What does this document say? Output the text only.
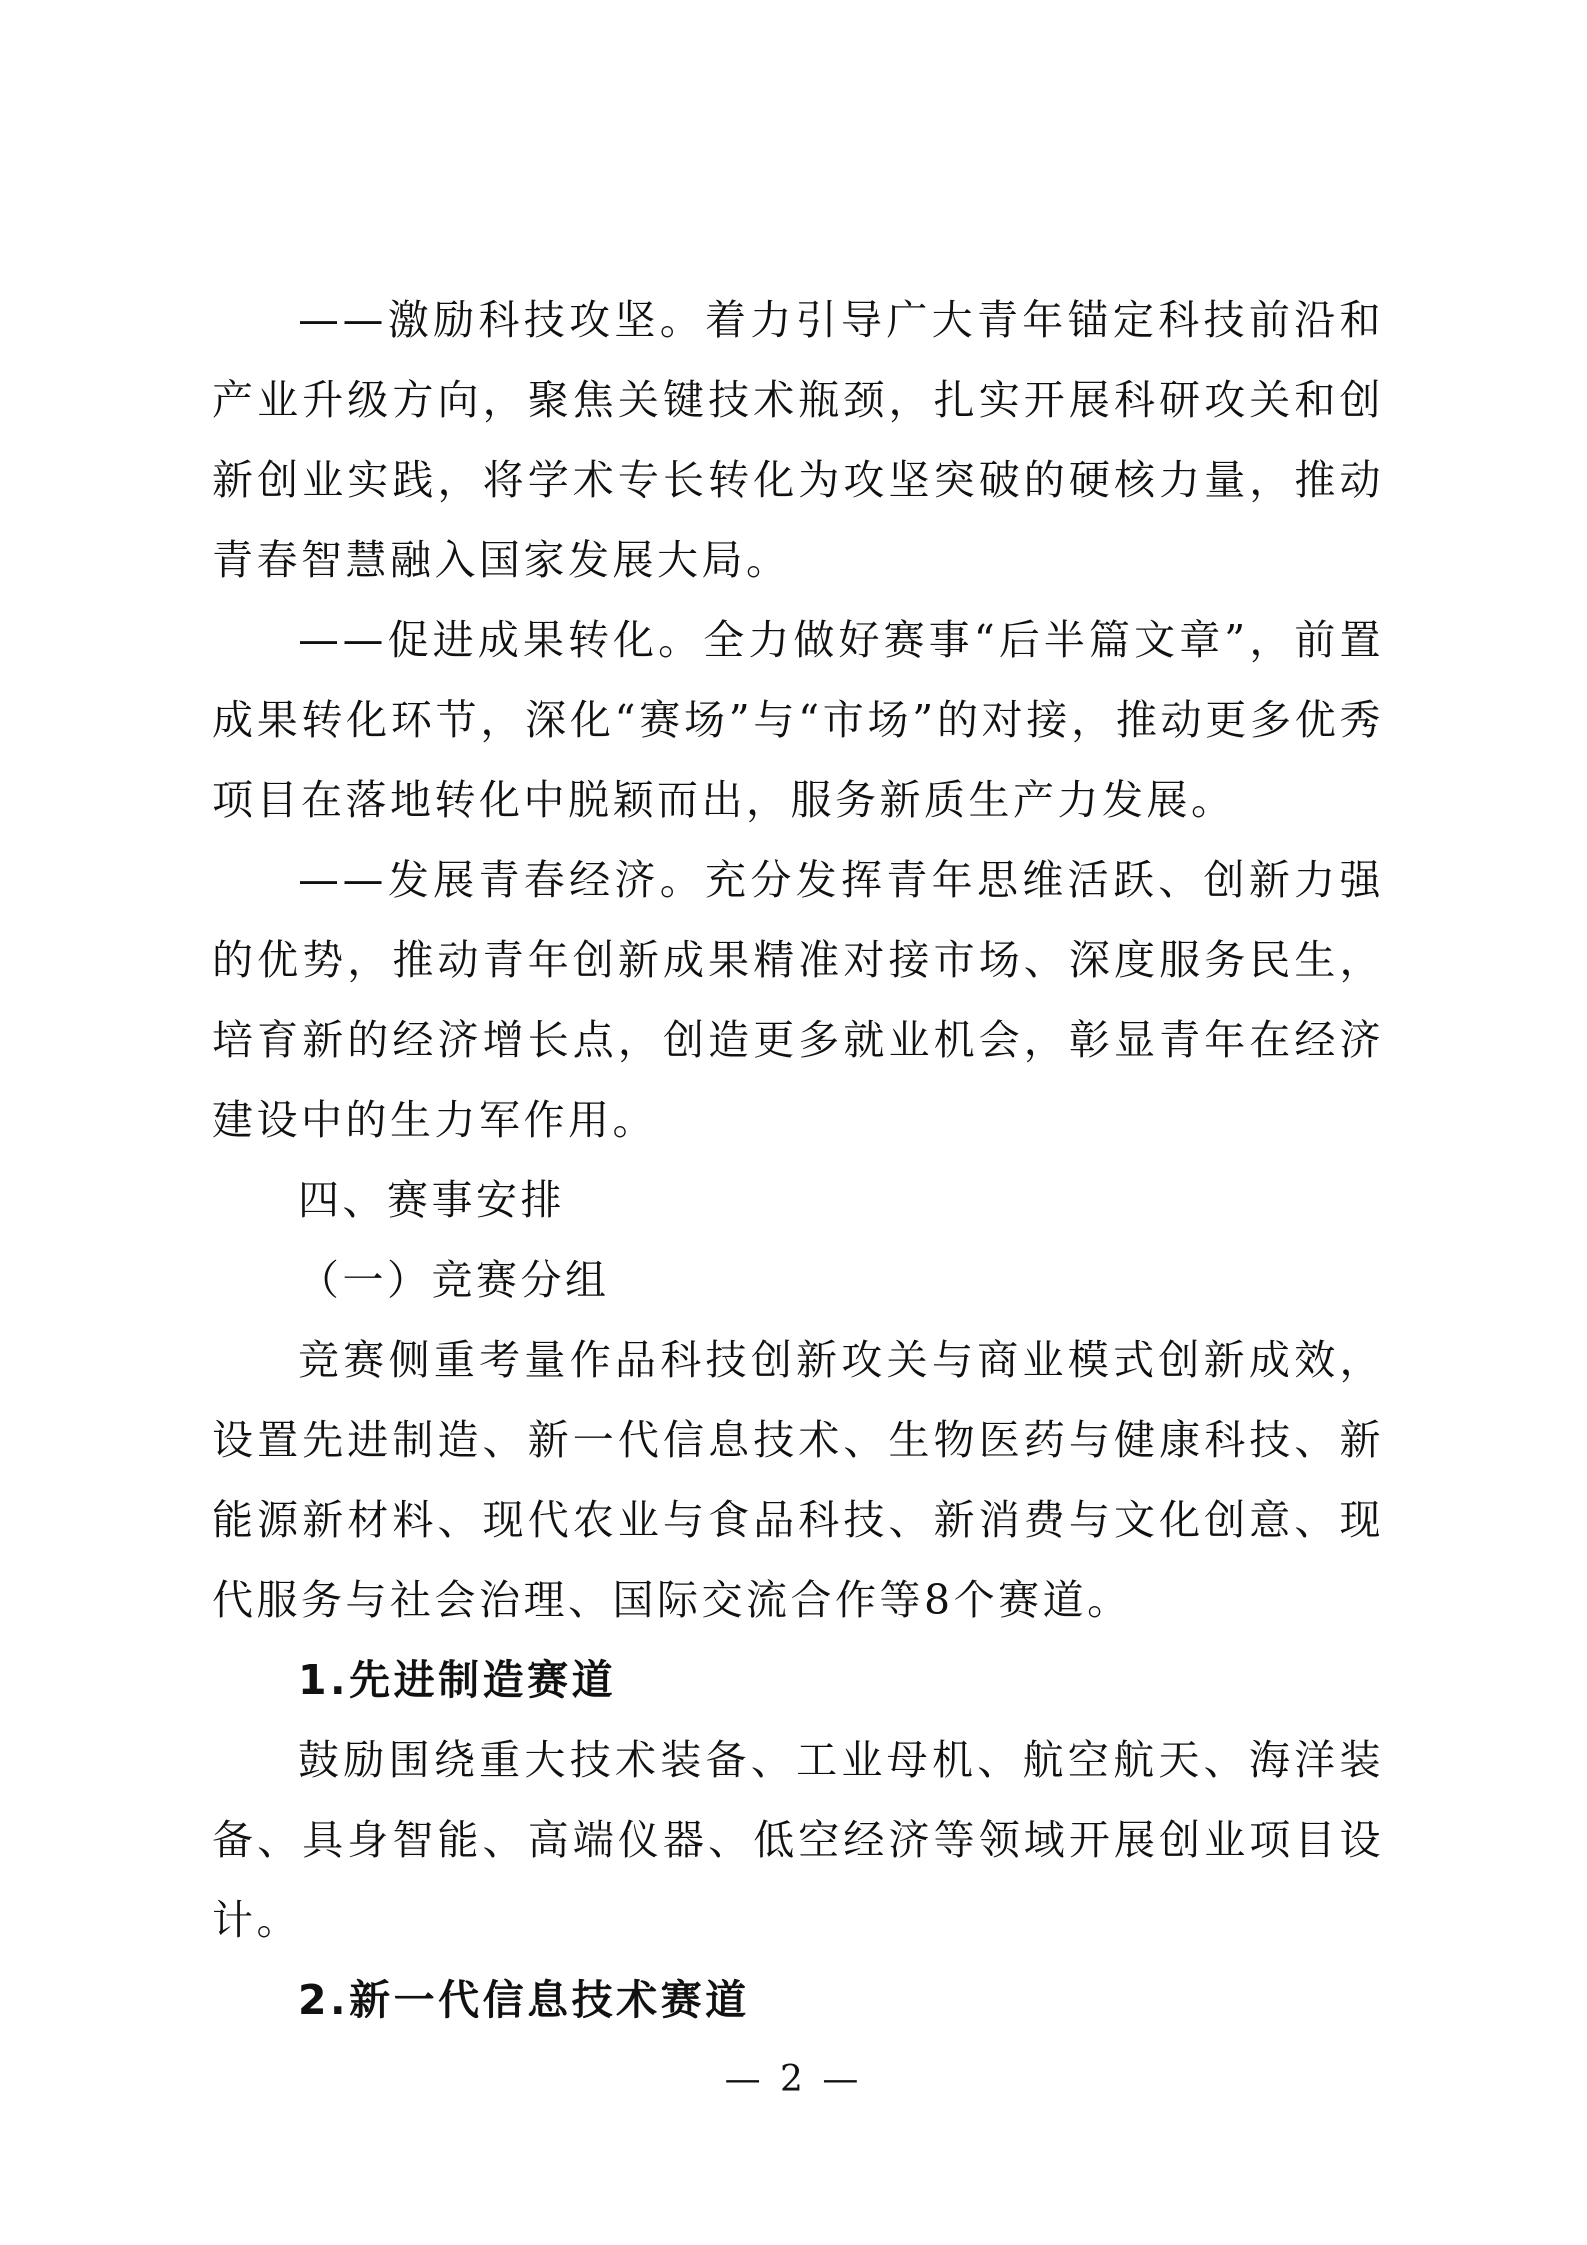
——激励科技攻坚。着力引导广大青年锚定科技前沿和产业升级方向，聚焦关键技术瓶颈，扎实开展科研攻关和创新创业实践，将学术专长转化为攻坚突破的硬核力量，推动青春智慧融入国家发展大局。

——促进成果转化。全力做好赛事“后半篇文章”，前置成果转化环节，深化“赛场”与“市场”的对接，推动更多优秀项目在落地转化中脱颖而出，服务新质生产力发展。

——发展青春经济。充分发挥青年思维活跃、创新力强的优势，推动青年创新成果精准对接市场、深度服务民生，培育新的经济增长点，创造更多就业机会，彰显青年在经济建设中的生力军作用。

四、赛事安排

（一）竞赛分组

竞赛侧重考量作品科技创新攻关与商业模式创新成效，设置先进制造、新一代信息技术、生物医药与健康科技、新能源新材料、现代农业与食品科技、新消费与文化创意、现代服务与社会治理、国际交流合作等8个赛道。

1.先进制造赛道

鼓励围绕重大技术装备、工业母机、航空航天、海洋装备、具身智能、高端仪器、低空经济等领域开展创业项目设计。

2.新一代信息技术赛道

— 2 —
